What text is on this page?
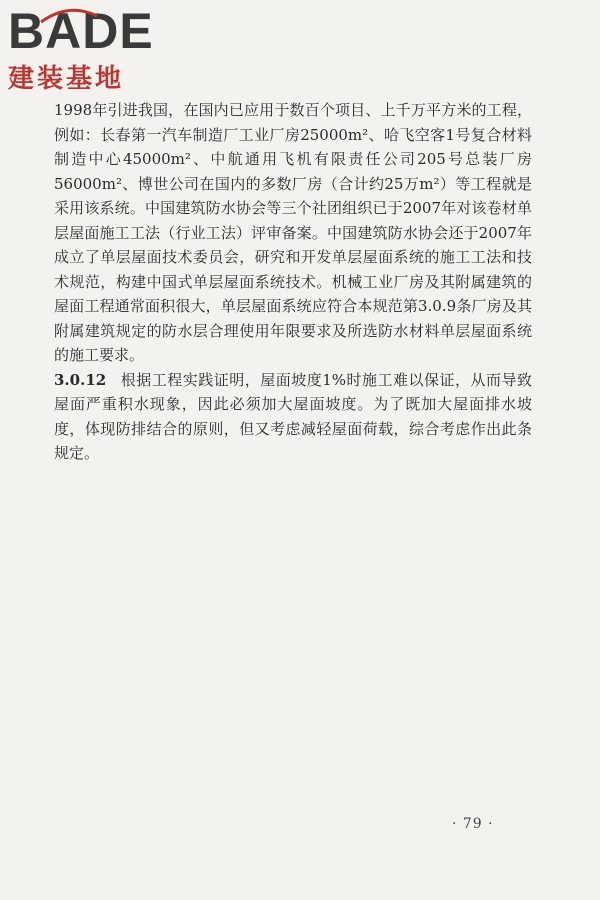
BADE
建装基地

1998年引进我国，在国内已应用于数百个项目、上千万平方米的工程，例如：长春第一汽车制造厂工业厂房25000m²、哈飞空客1号复合材料制造中心45000m²、中航通用飞机有限责任公司205号总装厂房56000m²、博世公司在国内的多数厂房（合计约25万m²）等工程就是采用该系统。中国建筑防水协会等三个社团组织已于2007年对该卷材单层屋面施工工法（行业工法）评审备案。中国建筑防水协会还于2007年成立了单层屋面技术委员会，研究和开发单层屋面系统的施工工法和技术规范，构建中国式单层屋面系统技术。机械工业厂房及其附属建筑的屋面工程通常面积很大，单层屋面系统应符合本规范第3.0.9条厂房及其附属建筑规定的防水层合理使用年限要求及所选防水材料单层屋面系统的施工要求。

3.0.12 根据工程实践证明，屋面坡度1%时施工难以保证，从而导致屋面严重积水现象，因此必须加大屋面坡度。为了既加大屋面排水坡度，体现防排结合的原则，但又考虑减轻屋面荷载，综合考虑作出此条规定。

· 79 ·
